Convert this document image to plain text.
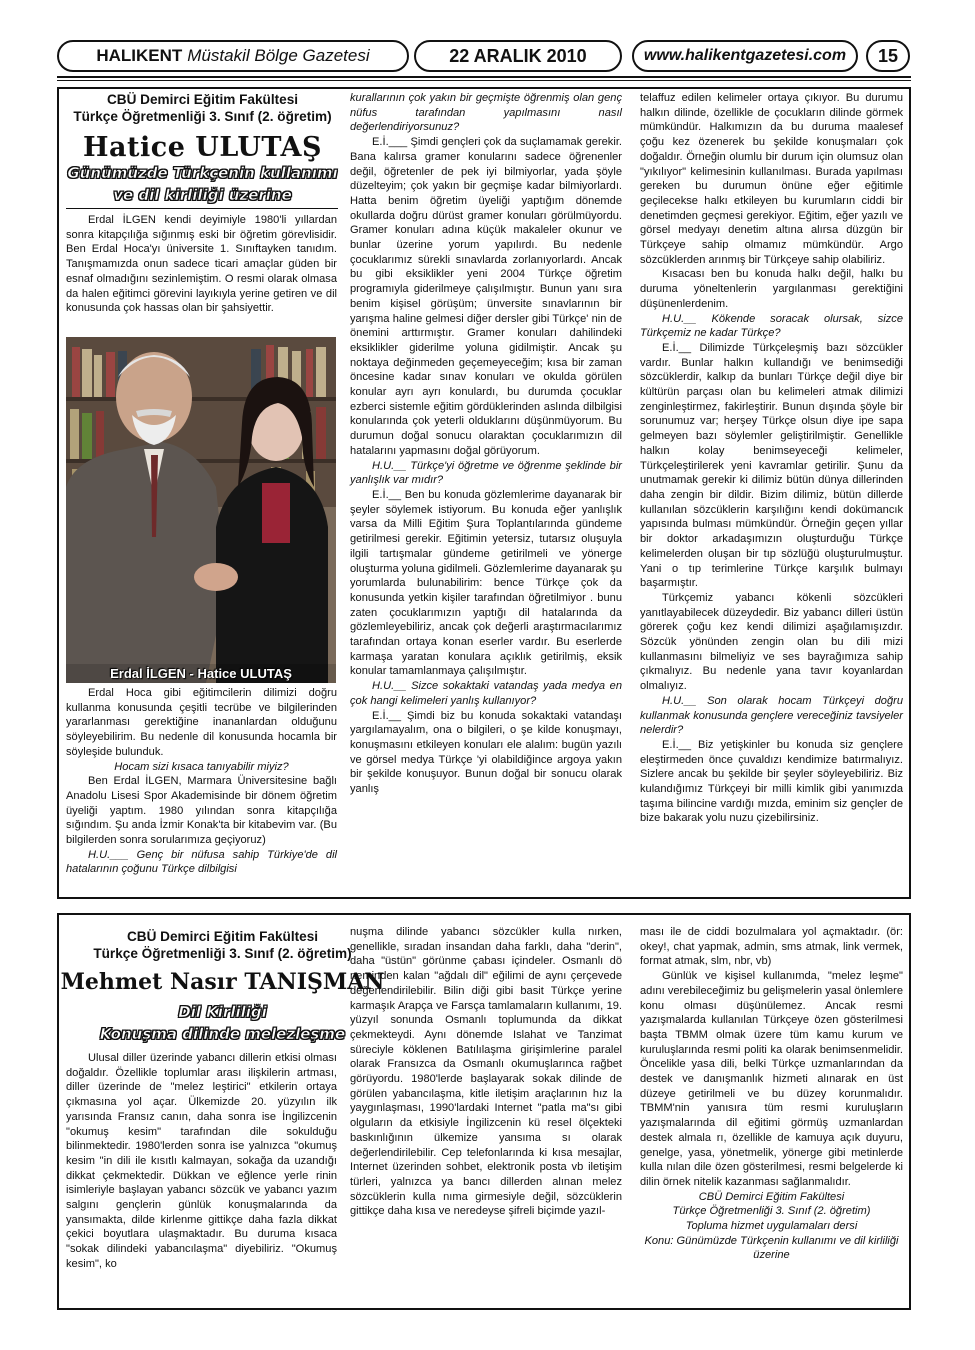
HALIKENT Müstakil Bölge Gazetesi	22 ARALIK 2010	www.halikentgazetesi.com	15
CBÜ Demirci Eğitim Fakültesi
Türkçe Öğretmenliği 3. Sınıf (2. öğretim)
Hatice ULUTAŞ
Günümüzde Türkçenin kullanımı
ve dil kirliliği üzerine

Erdal İLGEN kendi deyimiyle 1980'li yıllardan sonra kitapçılığa sığınmış eski bir öğretim görevlisidir. Ben Erdal Hoca'yı üniversite 1. Sınıftayken tanıdım. Tanışmamızda onun sadece ticari amaçlar güden bir esnaf olmadığını sezinlemiştim. O resmi olarak olmasa da halen eğitimci görevini layıkıyla yerine getiren ve dil konusunda çok hassas olan bir şahsiyettir.

Erdal İLGEN - Hatice ULUTAŞ

Erdal Hoca gibi eğitimcilerin dilimizi doğru kullanma konusunda çeşitli tecrübe ve bilgilerinden yararlanması gerektiğine inananlardan olduğunu söyleyebilirim. Bu nedenle dil konusunda hocamla bir söyleşide bulunduk.

Hocam sizi kısaca tanıyabilir miyiz?

Ben Erdal İLGEN, Marmara Üniversitesine bağlı Anadolu Lisesi Spor Akademisinde bir dönem öğretim üyeliği yaptım. 1980 yılından sonra kitapçılığa sığındım. Şu anda İzmir Konak'ta bir kitabevim var. (Bu bilgilerden sonra sorularımıza geçiyoruz)

H.U.___ Genç bir nüfusa sahip Türkiye'de dil hatalarının çoğunu Türkçe dilbilgisi

kurallarının çok yakın bir geçmişte öğrenmiş olan genç nüfus tarafından yapılmasını nasıl değerlendiriyorsunuz?

E.İ.___ Şimdi gençleri çok da suçlamamak gerekir. Bana kalırsa gramer konularını sadece öğrenenler değil, öğretenler de pek iyi bilmiyorlar, yada şöyle düzelteyim; çok yakın bir geçmişe kadar bilmiyorlardı. Hatta benim öğretim üyeliği yaptığım dönemde okullarda doğru dürüst gramer konuları görülmüyordu. Gramer konuları adına küçük makaleler okunur ve bunlar üzerine yorum yapılırdı. Bu nedenle çocuklarımız sürekli sınavlarda zorlanıyorlardı. Ancak bu gibi eksiklikler yeni 2004 Türkçe öğretim programıyla giderilmeye çalışılmıştır. Bunun yanı sıra benim kişisel görüşüm; ünversite sınavlarının bir yarışma haline gelmesi diğer dersler gibi Türkçe' nin de önemini arttırmıştır. Gramer konuları dahilindeki eksiklikler giderilme yoluna gidilmiştir. Ancak şu noktaya değinmeden geçemeyeceğim; kısa bir zaman öncesine kadar sınav konuları ve okulda görülen konular ayrı ayrı konulardı, bu durumda çocuklar ezberci sistemle eğitim gördüklerinden aslında dilbilgisi konularında çok yeterli olduklarını düşünmüyorum. Bu durumun doğal sonucu olaraktan çocuklarımızın dil hatalarını yapmasını doğal görüyorum.

H.U.__ Türkçe'yi öğretme ve öğrenme şeklinde bir yanlışlık var mıdır?

E.İ.__ Ben bu konuda gözlemlerime dayanarak bir şeyler söylemek istiyorum. Bu konuda eğer yanlışlık varsa da Milli Eğitim Şura Toplantılarında gündeme getirilmesi gerekir. Eğitimin yetersiz, tutarsız oluşuyla ilgili tartışmalar gündeme getirilmeli ve yönerge oluşturma yoluna gidilmeli. Gözlemlerime dayanarak şu yorumlarda bulunabilirim: bence Türkçe çok da konusunda yetkin kişiler tarafından öğretilmiyor . bunu zaten çocuklarımızın yaptığı dil hatalarında da gözlemleyebiliriz, ancak çok değerli araştırmacılarımız tarafından ortaya konan eserler vardır. Bu eserlerde karmaşa yaratan konulara açıklık getirilmiş, eksik konular tamamlanmaya çalışılmıştır.

H.U.__ Sizce sokaktaki vatandaş yada medya en çok hangi kelimeleri yanlış kullanıyor?

E.İ.__ Şimdi biz bu konuda sokaktaki vatandaşı yargılamayalım, ona o bilgileri, o şe kilde konuşmayı, konuşmasını etkileyen konuları ele alalım: bugün yazılı ve görsel medya Türkçe 'yi olabildiğince argoya yakın bir şekilde konuşuyor. Bunun doğal bir sonucu olarak yanlış

telaffuz edilen kelimeler ortaya çıkıyor. Bu durumu halkın dilinde, özellikle de çocukların dilinde görmek mümkündür. Halkımızın da bu duruma maalesef çoğu kez özenerek bu şekilde konuşmaları çok doğaldır. Örneğin olumlu bir durum için olumsuz olan "yıkılıyor" kelimesinin kullanılması. Burada yapılması gereken bu durumun önüne eğer eğitimle geçilecekse halkı etkileyen bu kurumların ciddi bir denetimden geçmesi gerekiyor. Eğitim, eğer yazılı ve görsel medyayı denetim altına alırsa düzgün bir Türkçeye sahip olmamız mümkündür. Argo sözcüklerden arınmış bir Türkçeye sahip olabiliriz.

Kısacası ben bu konuda halkı değil, halkı bu duruma yöneltenlerin yargılanması gerektiğini düşünenlerdenim.

H.U.__ Kökende soracak olursak, sizce Türkçemiz ne kadar Türkçe?

E.İ.__ Dilimizde Türkçeleşmiş bazı sözcükler vardır. Bunlar halkın kullandığı ve benimsediği sözcüklerdir, kalkıp da bunları Türkçe değil diye bir kültürün parçası olan bu kelimeleri atmak dilimizi zenginleştirmez, fakirleştirir. Bunun dışında şöyle bir sorunumuz var; herşey Türkçe olsun diye ipe sapa gelmeyen bazı söylemler geliştirilmiştir. Genellikle halkın kolay benimseyeceği kelimeler, Türkçeleştirilerek yeni kavramlar getirilir. Şunu da unutmamak gerekir ki dilimiz bütün dünya dillerinden daha zengin bir dildir. Bizim dilimiz, bütün dillerde kullanılan sözcüklerin karşılığını kendi dokümancık yapısında bulması mümkündür. Örneğin geçen yıllar bir doktor arkadaşımızın oluşturduğu Türkçe kelimelerden oluşan bir tıp sözlüğü oluşturulmuştur. Yani o tıp terimlerine Türkçe karşılık bulmayı başarmıştır.

Türkçemiz yabancı kökenli sözcükleri yanıtlayabilecek düzeydedir. Biz yabancı dilleri üstün görerek çoğu kez kendi dilimizi aşağılamışızdır. Sözcük yönünden zengin olan bu dili mizi kullanmasını bilmeliyiz ve ses bayrağımıza sahip çıkmalıyız. Bu nedenle yana tavır koyanlardan olmalıyız.

H.U.__ Son olarak hocam Türkçeyi doğru kullanmak konusunda gençlere vereceğiniz tavsiyeler nelerdir?

E.İ.__ Biz yetişkinler bu konuda siz gençlere eleştirmeden önce çuvaldızı kendimize batırmalıyız. Sizlere ancak bu şekilde bir şeyler söyleyebiliriz. Biz kulandığımız Türkçeyi bir milli kimlik gibi yanımızda taşıma bilincine vardığı mızda, eminim siz gençler de bize bakarak yolu nuzu çizebilirsiniz.

CBÜ Demirci Eğitim Fakültesi
Türkçe Öğretmenliği 3. Sınıf (2. öğretim)
Mehmet Nasır TANIŞMAN
Dil Kirliliği
Konuşma dilinde melezleşme

Ulusal diller üzerinde yabancı dillerin etkisi olması doğaldır. Özellikle toplumlar arası ilişkilerin artması, diller üzerinde de "melez leştirici" etkilerin ortaya çıkmasına yol açar. Ülkemizde 20. yüzyılın ilk yarısında Fransız canın, daha sonra ise İngilizcenin "okumuş kesim" tarafından dile sokulduğu bilinmektedir. 1980'lerden sonra ise yalnızca "okumuş kesim "in dili ile kısıtlı kalmayan, sokağa da uzandığı dikkat çekmektedir. Dükkan ve eğlence yerle rinin isimleriyle başlayan yabancı sözcük ve yabancı yazım salgını gençlerin günlük konuşmalarında da yansımakta, dilde kirlenme gittikçe daha fazla dikkat çekici boyutlara ulaşmaktadır. Bu duruma kısaca "sokak dilindeki yabancılaşma" diyebiliriz. "Okumuş kesim", ko

nuşma dilinde yabancı sözcükler kulla nırken, genellikle, sıradan insandan daha farklı, daha "derin", daha "üstün" görünme çabası içindeler. Osmanlı dö neminden kalan "ağdalı dil" eğilimi de aynı çerçevede değerlendirilebilir. Bilin diği gibi basit Türkçe yerine karmaşık Arapça ve Farsça tamlamaların kullanımı, 19. yüzyıl sonunda Osmanlı toplumunda da dikkat çekmekteydi. Aynı dönemde Islahat ve Tanzimat süreciyle köklenen Batılılaşma girişimlerine paralel olarak Fransızca da Osmanlı okumuşlarınca rağbet görüyordu. 1980'lerde başlayarak sokak dilinde de görülen yabancılaşma, kitle iletişim araçlarının hız la yaygınlaşması, 1990'lardaki Internet "patla ma"sı gibi olguların da etkisiyle İngilizcenin kü resel ölçekteki baskınlığının ülkemize yansıma sı olarak değerlendirilebilir. Cep telefonlarında ki kısa mesajlar, Internet üzerinden sohbet, elektronik posta vb iletişim türleri, yalnızca ya bancı dillerden alınan melez sözcüklerin kulla nıma girmesiyle değil, sözcüklerin gittikçe daha kısa ve neredeyse şifreli biçimde yazıl-

ması ile de ciddi bozulmalara yol açmaktadır. (ör: okey!, chat yapmak, admin, sms atmak, link vermek, format atmak, slm, nbr, vb)

Günlük ve kişisel kullanımda, "melez leşme" adını verebileceğimiz bu gelişmelerin yasal önlemlere konu olması düşünülemez. Ancak resmi yazışmalarda kullanılan Türkçeye özen gösterilmesi başta TBMM olmak üzere tüm kamu kurum ve kuruluşlarında resmi politi ka olarak benimsenmelidir. Öncelikle yasa dili, belki Türkçe uzmanlarından da destek ve danışmanlık hizmeti alınarak en üst düzeye getirilmeli ve bu düzey korunmalıdır. TBMM'nin yanısıra tüm resmi kuruluşların yazışmalarında dil eğitimi görmüş uzmanlardan destek almala rı, özellikle de kamuya açık duyuru, genelge, yasa, yönetmelik, yönerge gibi metinlerde kulla nılan dile özen gösterilmesi, resmi belgelerde ki dilin örnek nitelik kazanması sağlanmalıdır.

CBÜ Demirci Eğitim Fakültesi

Türkçe Öğretmenliği 3. Sınıf (2. öğretim)

Topluma hizmet uygulamaları dersi

Konu: Günümüzde Türkçenin kullanımı ve dil kirliliği üzerine
